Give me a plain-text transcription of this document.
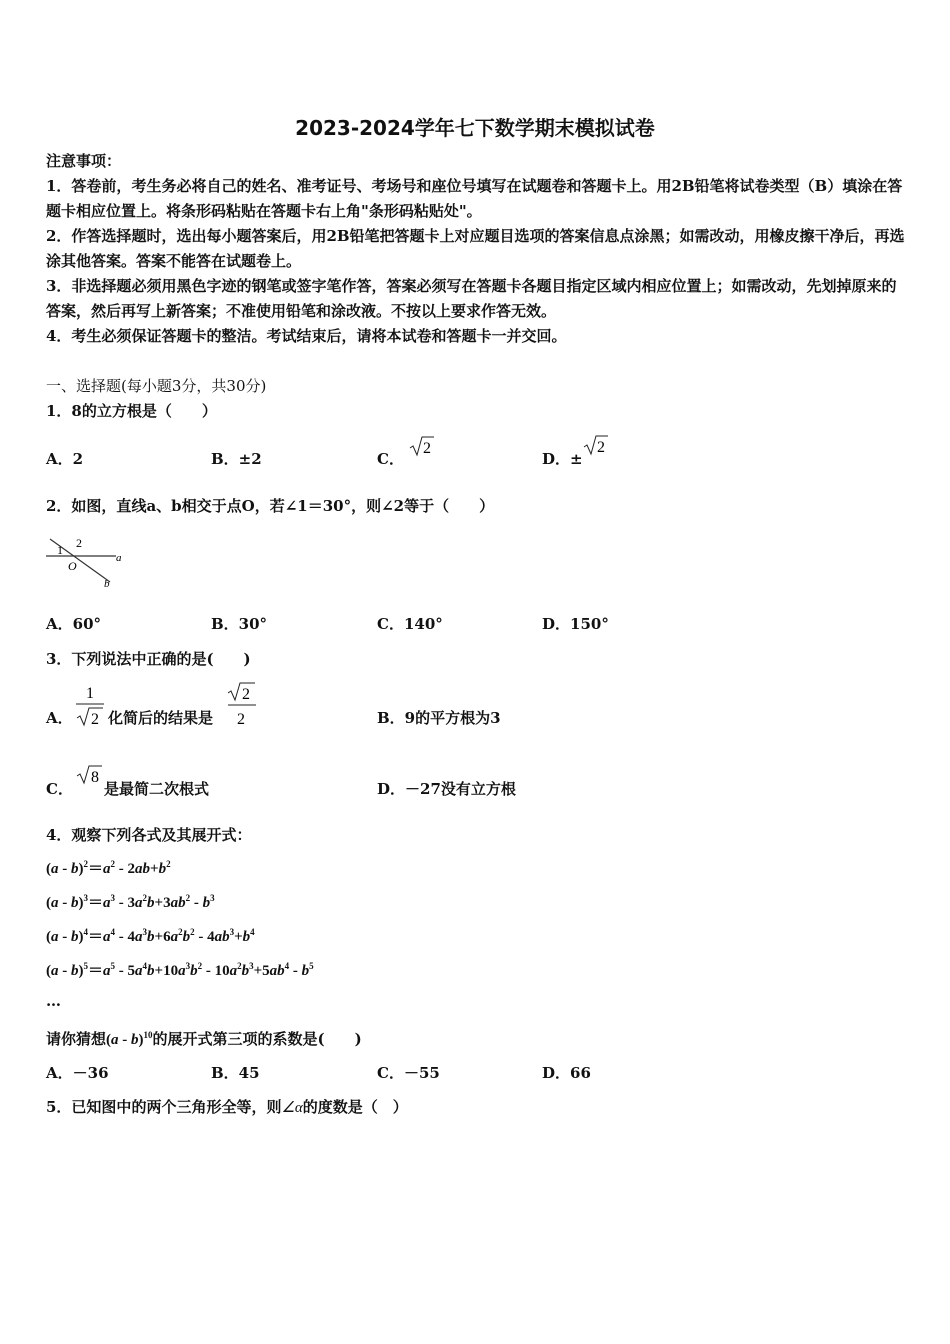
2023-2024学年七下数学期末模拟试卷
注意事项：
1．答卷前，考生务必将自己的姓名、准考证号、考场号和座位号填写在试题卷和答题卡上。用2B铅笔将试卷类型（B）填涂在答题卡相应位置上。将条形码粘贴在答题卡右上角"条形码粘贴处"。
2．作答选择题时，选出每小题答案后，用2B铅笔把答题卡上对应题目选项的答案信息点涂黑；如需改动，用橡皮擦干净后，再选涂其他答案。答案不能答在试题卷上。
3．非选择题必须用黑色字迹的钢笔或签字笔作答，答案必须写在答题卡各题目指定区域内相应位置上；如需改动，先划掉原来的答案，然后再写上新答案；不准使用铅笔和涂改液。不按以上要求作答无效。
4．考生必须保证答题卡的整洁。考试结束后，请将本试卷和答题卡一并交回。
一、选择题(每小题3分，共30分)
1．8的立方根是（　　）
A．2	B．±2	C．
2
D．±
2
2．如图，直线a、b相交于点O，若∠1＝30°，则∠2等于（　　）
1 2
O
a
b
A．60°	B．30°	C．140°	D．150°
3．下列说法中正确的是(　　)
A．
1
2 化简后的结果是
2
2	B．9的平方根为3
C．
8
是最简二次根式	D．－27没有立方根
4．观察下列各式及其展开式：
$(a - b)^2=a^2 - 2ab+b^2$
$(a - b)^3=a^3 - 3a^2b+3ab^2 - b^3$
$(a - b)^4=a^4 - 4a^3b+6a^2b^2 - 4ab^3+b^4$
$(a - b)^5=a^5 - 5a^4b+10a^3b^2 - 10a^2b^3+5ab^4 - b^5$
…
请你猜想(a - b)$^{10}$的展开式第三项的系数是(　　)
A．－36	B．45	C．－55	D．66
5．已知图中的两个三角形全等，则∠α的度数是（　）
